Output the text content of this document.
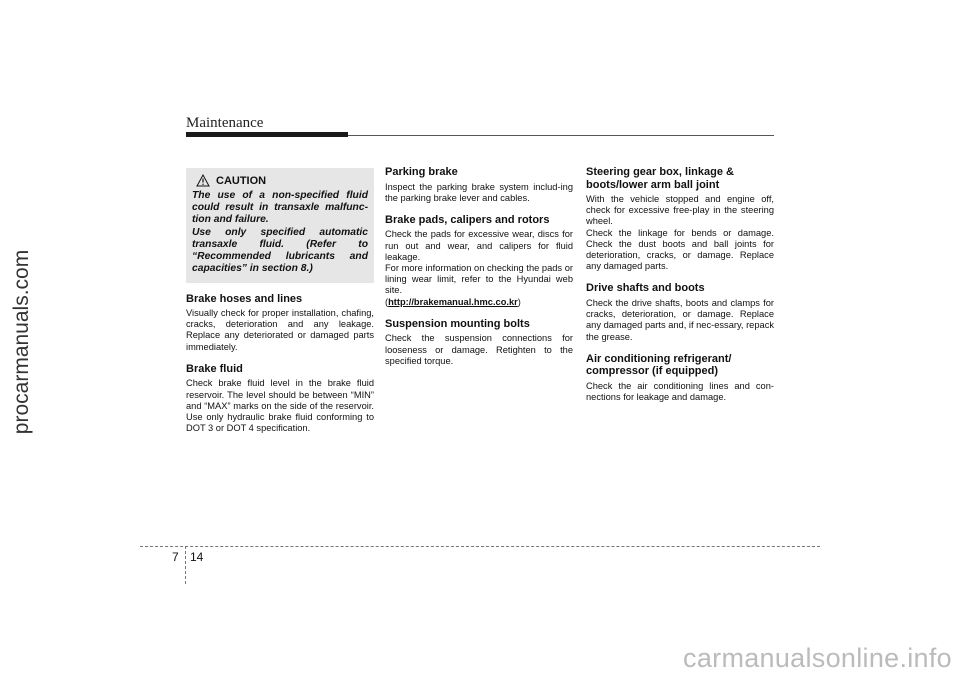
Maintenance
procarmanuals.com
CAUTION

The use of a non-specified fluid could result in transaxle malfunc-tion and failure.

Use only specified automatic transaxle fluid. (Refer to “Recommended lubricants and capacities” in section 8.)

Brake hoses and lines

Visually check for proper installation, chafing, cracks, deterioration and any leakage. Replace any deteriorated or damaged parts immediately.

Brake fluid

Check brake fluid level in the brake fluid reservoir. The level should be between “MIN” and “MAX” marks on the side of the reservoir. Use only hydraulic brake fluid conforming to DOT 3 or DOT 4 specification.

Parking brake

Inspect the parking brake system includ-ing the parking brake lever and cables.

Brake pads, calipers and rotors

Check the pads for excessive wear, discs for run out and wear, and calipers for fluid leakage.

For more information on checking the pads or lining wear limit, refer to the Hyundai web site.

(http://brakemanual.hmc.co.kr)

Suspension mounting bolts

Check the suspension connections for looseness or damage. Retighten to the specified torque.

Steering gear box, linkage & boots/lower arm ball joint

With the vehicle stopped and engine off, check for excessive free-play in the steering wheel.

Check the linkage for bends or damage. Check the dust boots and ball joints for deterioration, cracks, or damage. Replace any damaged parts.

Drive shafts and boots

Check the drive shafts, boots and clamps for cracks, deterioration, or damage. Replace any damaged parts and, if nec-essary, repack the grease.

Air conditioning refrigerant/ compressor (if equipped)

Check the air conditioning lines and con-nections for leakage and damage.

7 14
carmanualsonline.info
